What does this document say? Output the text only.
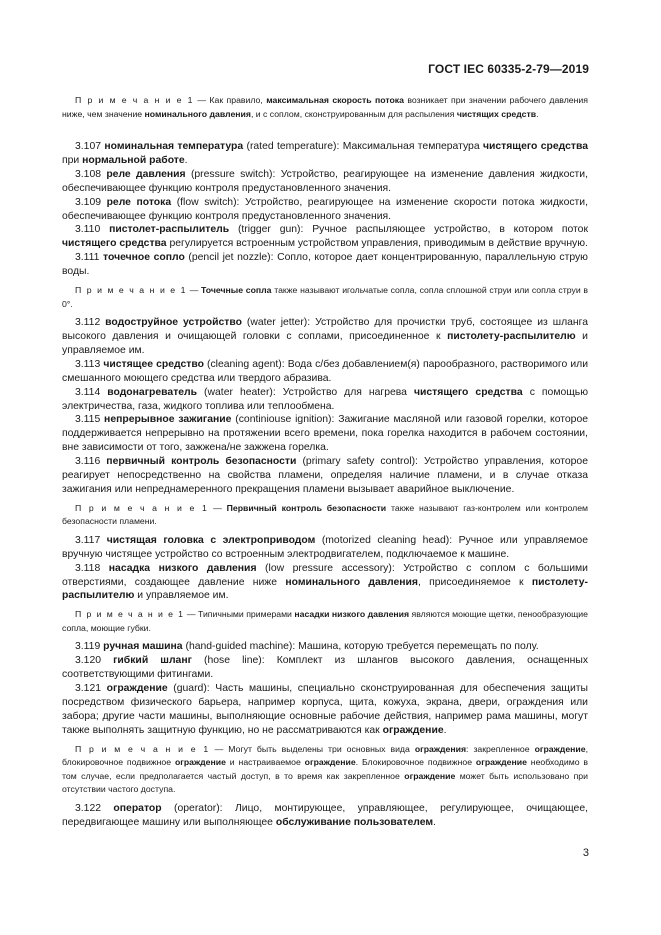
ГОСТ IEC 60335-2-79—2019

П р и м е ч а н и е 1 — Как правило, максимальная скорость потока возникает при значении рабочего давления ниже, чем значение номинального давления, и с соплом, сконструированным для распыления чистящих средств.

3.107 номинальная температура (rated temperature): Максимальная температура чистящего средства при нормальной работе.

3.108 реле давления (pressure switch): Устройство, реагирующее на изменение давления жидкости, обеспечивающее функцию контроля предустановленного значения.

3.109 реле потока (flow switch): Устройство, реагирующее на изменение скорости потока жидкости, обеспечивающее функцию контроля предустановленного значения.

3.110 пистолет-распылитель (trigger gun): Ручное распыляющее устройство, в котором поток чистящего средства регулируется встроенным устройством управления, приводимым в действие вручную.

3.111 точечное сопло (pencil jet nozzle): Сопло, которое дает концентрированную, параллельную струю воды.

П р и м е ч а н и е 1 — Точечные сопла также называют игольчатые сопла, сопла сплошной струи или сопла струи в 0°.

3.112 водоструйное устройство (water jetter): Устройство для прочистки труб, состоящее из шланга высокого давления и очищающей головки с соплами, присоединенное к пистолету-распылителю и управляемое им.

3.113 чистящее средство (cleaning agent): Вода с/без добавлением(я) парообразного, растворимого или смешанного моющего средства или твердого абразива.

3.114 водонагреватель (water heater): Устройство для нагрева чистящего средства с помощью электричества, газа, жидкого топлива или теплообмена.

3.115 непрерывное зажигание (continiouse ignition): Зажигание масляной или газовой горелки, которое поддерживается непрерывно на протяжении всего времени, пока горелка находится в рабочем состоянии, вне зависимости от того, зажжена/не зажжена горелка.

3.116 первичный контроль безопасности (primary safety control): Устройство управления, которое реагирует непосредственно на свойства пламени, определяя наличие пламени, и в случае отказа зажигания или непреднамеренного прекращения пламени вызывает аварийное выключение.

П р и м е ч а н и е 1 — Первичный контроль безопасности также называют газ-контролем или контролем безопасности пламени.

3.117 чистящая головка с электроприводом (motorized cleaning head): Ручное или управляемое вручную чистящее устройство со встроенным электродвигателем, подключаемое к машине.

3.118 насадка низкого давления (low pressure accessory): Устройство с соплом с большими отверстиями, создающее давление ниже номинального давления, присоединяемое к пистолету-распылителю и управляемое им.

П р и м е ч а н и е 1 — Типичными примерами насадки низкого давления являются моющие щетки, пенообразующие сопла, моющие губки.

3.119 ручная машина (hand-guided machine): Машина, которую требуется перемещать по полу.

3.120 гибкий шланг (hose line): Комплект из шлангов высокого давления, оснащенных соответствующими фитингами.

3.121 ограждение (guard): Часть машины, специально сконструированная для обеспечения защиты посредством физического барьера, например корпуса, щита, кожуха, экрана, двери, ограждения или забора; другие части машины, выполняющие основные рабочие действия, например рама машины, могут также выполнять защитную функцию, но не рассматриваются как ограждение.

П р и м е ч а н и е 1 — Могут быть выделены три основных вида ограждения: закрепленное ограждение, блокировочное подвижное ограждение и настраиваемое ограждение. Блокировочное подвижное ограждение необходимо в том случае, если предполагается частый доступ, в то время как закрепленное ограждение может быть использовано при отсутствии частого доступа.

3.122 оператор (operator): Лицо, монтирующее, управляющее, регулирующее, очищающее, передвигающее машину или выполняющее обслуживание пользователем.

3
